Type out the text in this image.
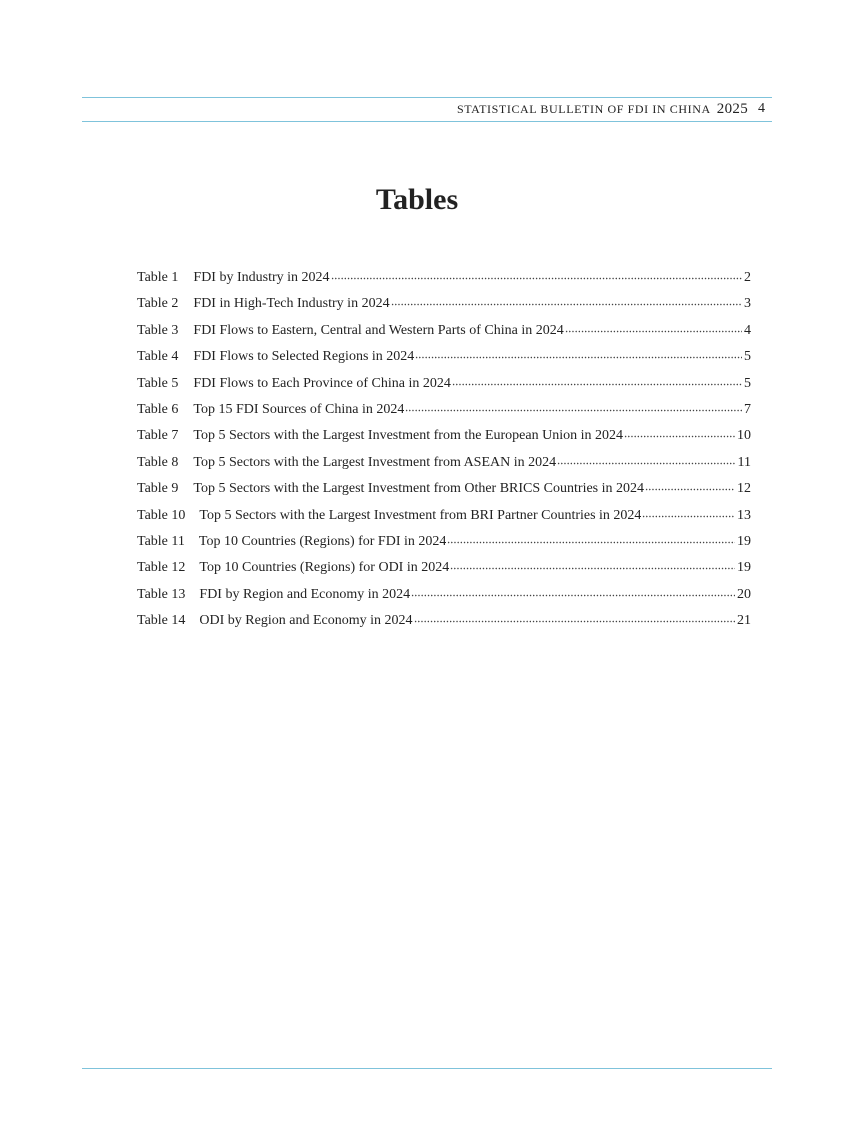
STATISTICAL BULLETIN OF FDI IN CHINA 2025 4
Tables
Table 1 FDI by Industry in 2024	2
Table 2 FDI in High-Tech Industry in 2024	3
Table 3 FDI Flows to Eastern, Central and Western Parts of China in 2024	4
Table 4 FDI Flows to Selected Regions in 2024	5
Table 5 FDI Flows to Each Province of China in 2024	5
Table 6 Top 15 FDI Sources of China in 2024	7
Table 7 Top 5 Sectors with the Largest Investment from the European Union in 2024	10
Table 8 Top 5 Sectors with the Largest Investment from ASEAN in 2024	11
Table 9 Top 5 Sectors with the Largest Investment from Other BRICS Countries in 2024	12
Table 10 Top 5 Sectors with the Largest Investment from BRI Partner Countries in 2024	13
Table 11 Top 10 Countries (Regions) for FDI in 2024	19
Table 12 Top 10 Countries (Regions) for ODI in 2024	19
Table 13 FDI by Region and Economy in 2024	20
Table 14 ODI by Region and Economy in 2024	21
